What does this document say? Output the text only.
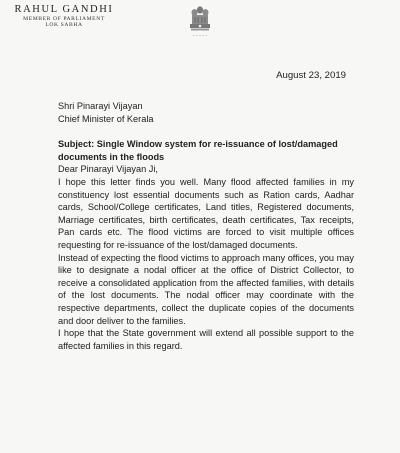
RAHUL GANDHI
MEMBER OF PARLIAMENT
LOK SABHA
~~~~~
August 23, 2019

Shri Pinarayi Vijayan

Chief Minister of Kerala

Subject: Single Window system for re-issuance of lost/damaged documents in the floods

Dear Pinarayi Vijayan Ji,

I hope this letter finds you well. Many flood affected families in my constituency lost essential documents such as Ration cards, Aadhar cards, School/College certificates, Land titles, Registered documents, Marriage certificates, birth certificates, death certificates, Tax receipts, Pan cards etc. The flood victims are forced to visit multiple offices requesting for re-issuance of the lost/damaged documents.

Instead of expecting the flood victims to approach many offices, you may like to designate a nodal officer at the office of District Collector, to receive a consolidated application from the affected families, with details of the lost documents. The nodal officer may coordinate with the respective departments, collect the duplicate copies of the documents and door deliver to the families.

I hope that the State government will extend all possible support to the affected families in this regard.
